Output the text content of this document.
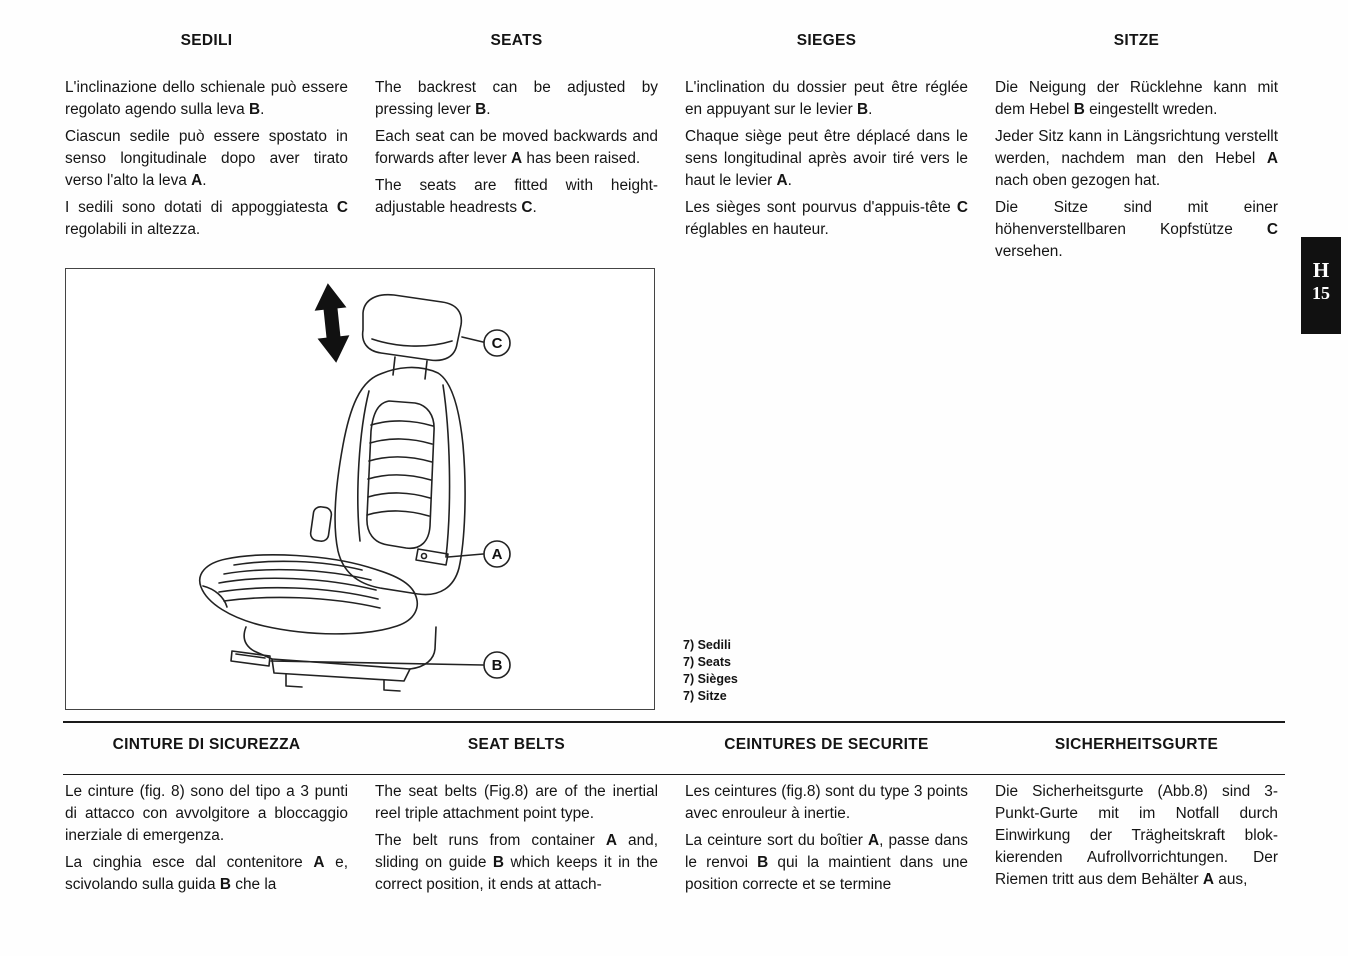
SEDILI

L'inclinazione dello schienale può essere regolato agendo sulla leva B.

Ciascun sedile può essere spostato in senso longitudinale dopo aver tirato verso l'alto la leva A.

I sedili sono dotati di appoggiatesta C regolabili in altezza.

SEATS

The backrest can be adjusted by pressing lever B.

Each seat can be moved backwards and forwards after lever A has been raised.

The seats are fitted with height-adjustable headrests C.

SIEGES

L'inclination du dossier peut être réglée en appuyant sur le levier B.

Chaque siège peut être déplacé dans le sens longitudinal après avoir tiré vers le haut le levier A.

Les sièges sont pourvus d'appuis-tête C réglables en hauteur.

SITZE

Die Neigung der Rücklehne kann mit dem Hebel B eingestellt wreden.

Jeder Sitz kann in Längsrichtung verstellt werden, nachdem man den Hebel A nach oben gezogen hat.

Die Sitze sind mit einer höhenverstellbaren Kopfstütze C versehen.

C
A
B
7) Sedili
7) Seats
7) Sièges
7) Sitze
CINTURE DI SICUREZZA

Le cinture (fig. 8) sono del tipo a 3 punti di attacco con avvolgitore a bloccaggio inerziale di emergenza.

La cinghia esce dal contenitore A e, scivolando sulla guida B che la

SEAT BELTS

The seat belts (Fig.8) are of the inertial reel triple attachment point type.

The belt runs from container A and, sliding on guide B which keeps it in the correct position, it ends at attach-

CEINTURES DE SECURITE

Les ceintures (fig.8) sont du type 3 points avec enrouleur à inertie.

La ceinture sort du boîtier A, passe dans le renvoi B qui la maintient dans une position correcte et se termine

SICHERHEITSGURTE

Die Sicherheitsgurte (Abb.8) sind 3-Punkt-Gurte mit im Notfall durch Einwirkung der Trägheitskraft blok-kierenden Aufrollvorrichtungen. Der Riemen tritt aus dem Behälter A aus,

H
15
